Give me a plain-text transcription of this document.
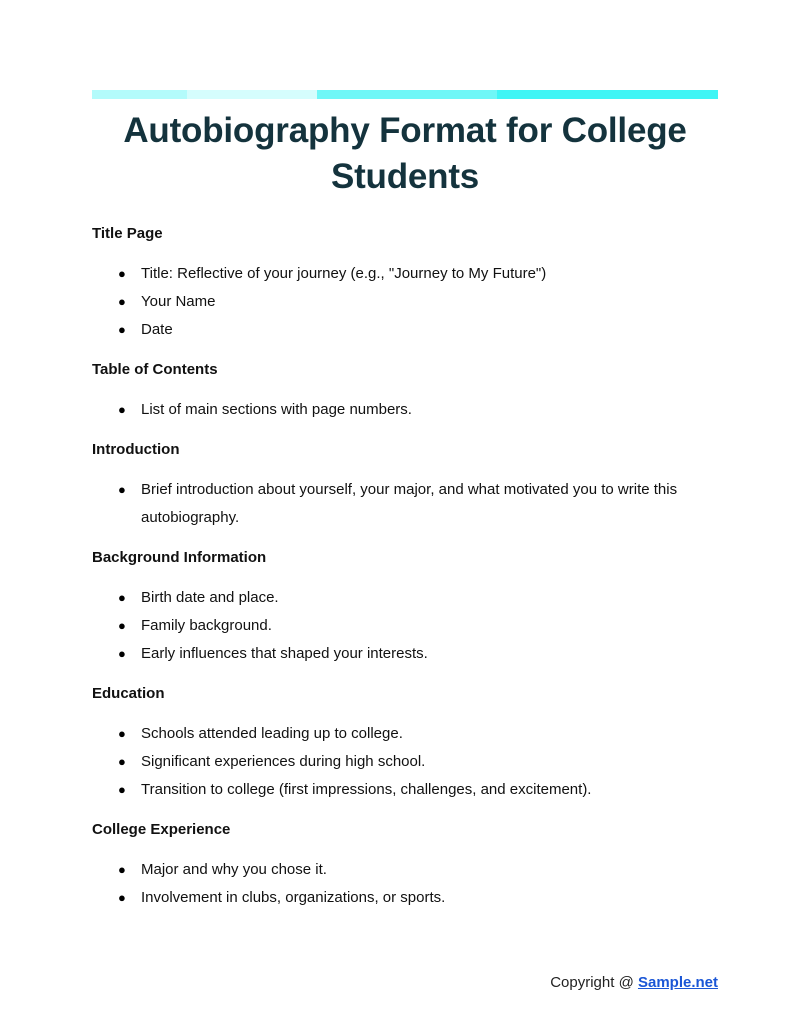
Autobiography Format for College Students
Title Page
● Title: Reflective of your journey (e.g., "Journey to My Future")
● Your Name
● Date
Table of Contents
● List of main sections with page numbers.
Introduction
● Brief introduction about yourself, your major, and what motivated you to write this autobiography.
Background Information
● Birth date and place.
● Family background.
● Early influences that shaped your interests.
Education
● Schools attended leading up to college.
● Significant experiences during high school.
● Transition to college (first impressions, challenges, and excitement).
College Experience
● Major and why you chose it.
● Involvement in clubs, organizations, or sports.
Copyright @ Sample.net
